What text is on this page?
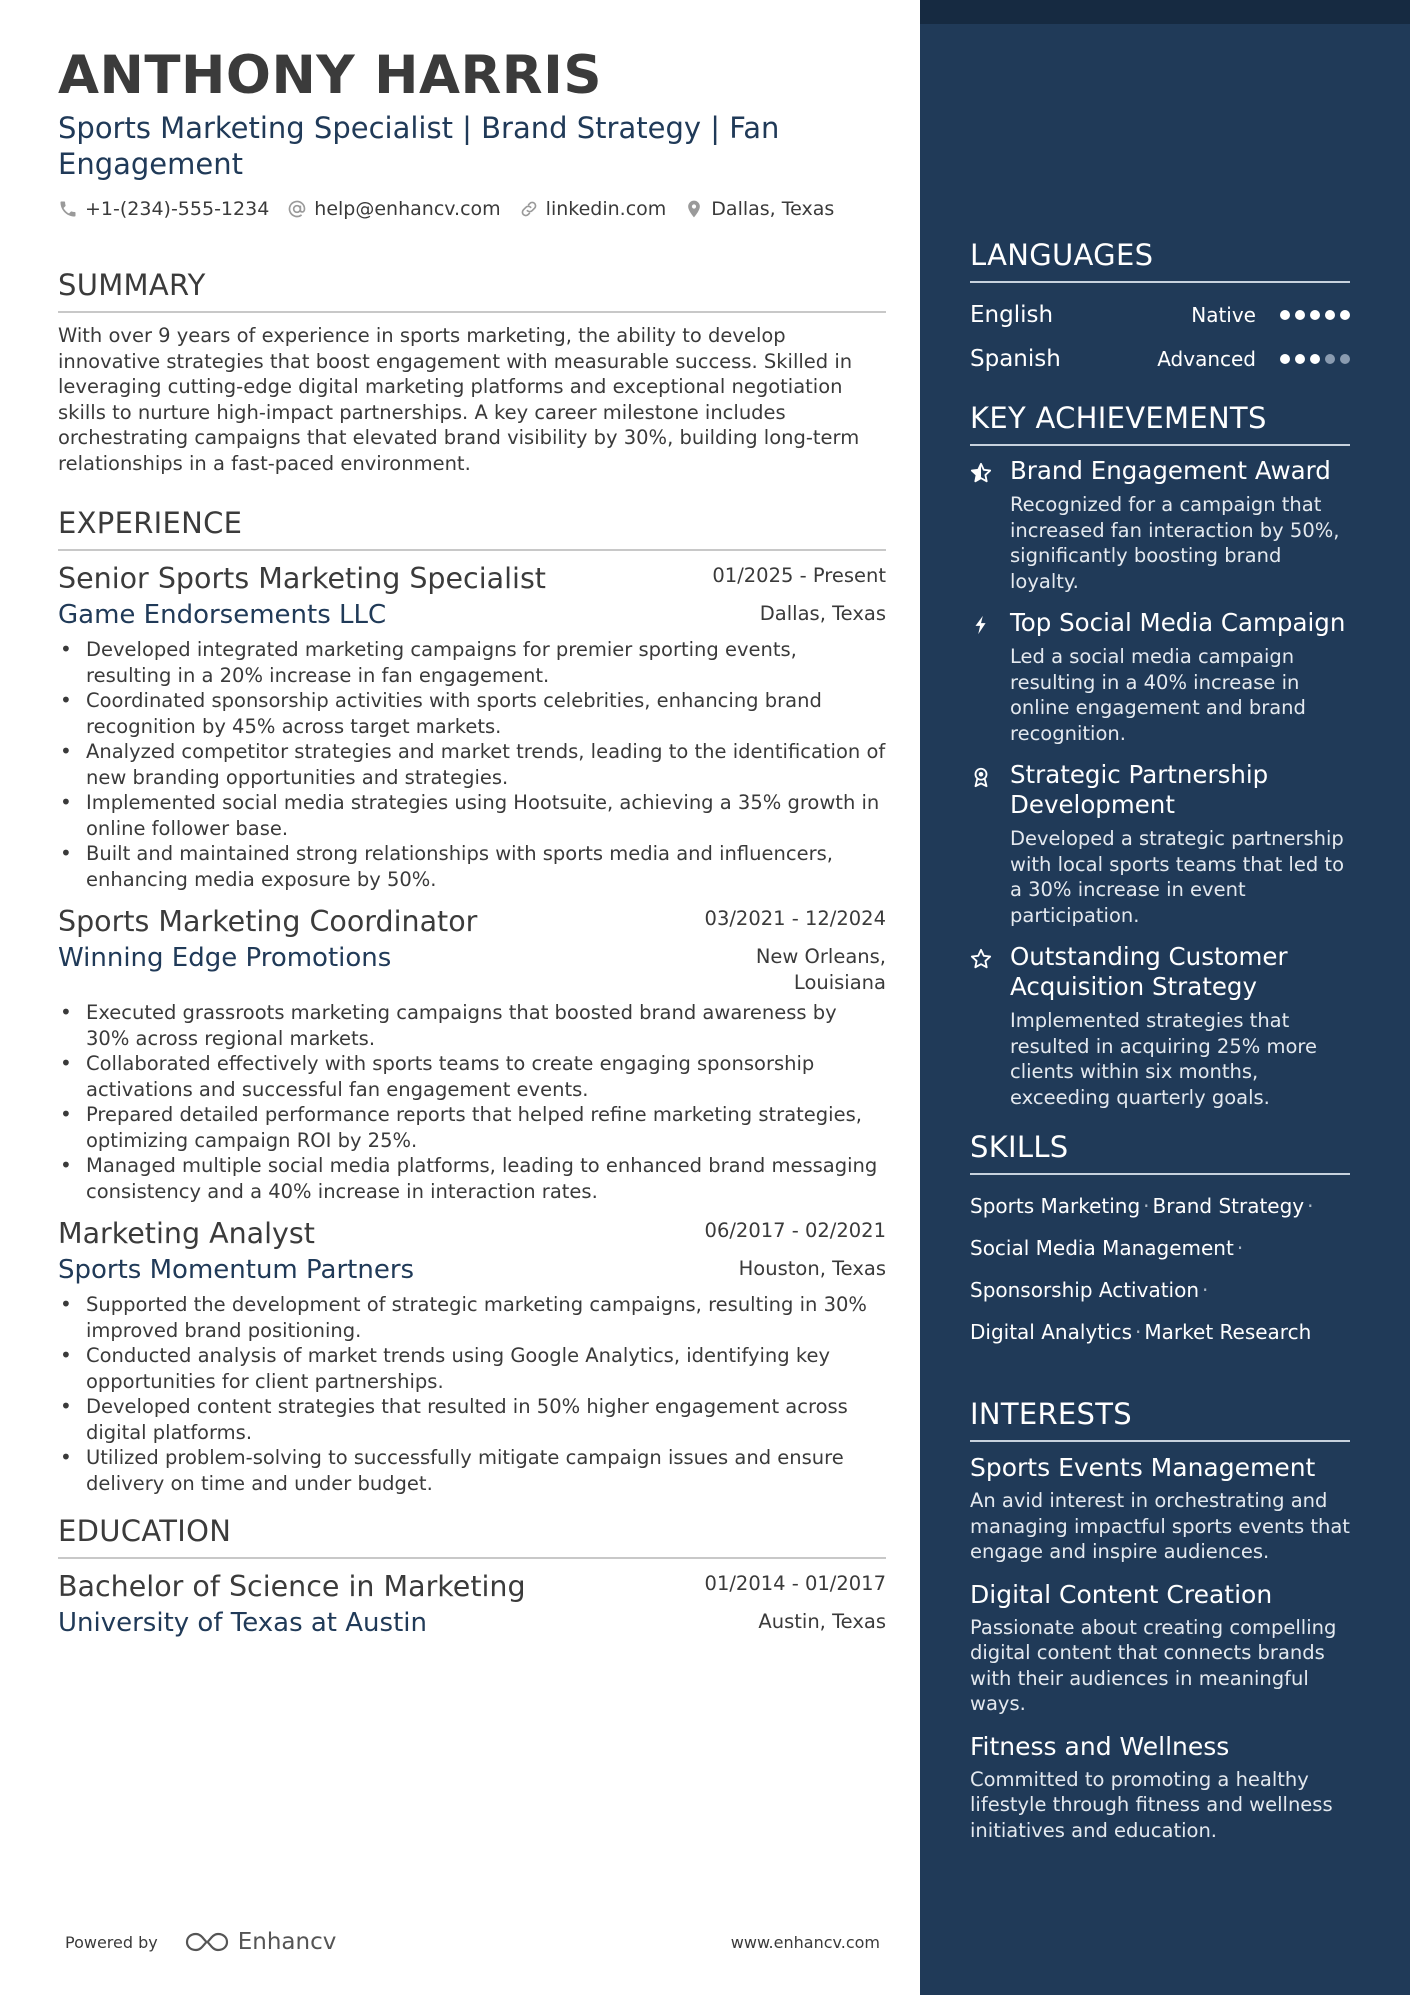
ANTHONY HARRIS
Sports Marketing Specialist | Brand Strategy | Fan Engagement
+1-(234)-555-1234 help@enhancv.com linkedin.com Dallas, Texas
SUMMARY
With over 9 years of experience in sports marketing, the ability to develop innovative strategies that boost engagement with measurable success. Skilled in leveraging cutting-edge digital marketing platforms and exceptional negotiation skills to nurture high-impact partnerships. A key career milestone includes orchestrating campaigns that elevated brand visibility by 30%, building long-term relationships in a fast-paced environment.
EXPERIENCE
Senior Sports Marketing Specialist	01/2025 - Present
Game Endorsements LLC	Dallas, Texas
• Developed integrated marketing campaigns for premier sporting events, resulting in a 20% increase in fan engagement.
• Coordinated sponsorship activities with sports celebrities, enhancing brand recognition by 45% across target markets.
• Analyzed competitor strategies and market trends, leading to the identification of new branding opportunities and strategies.
• Implemented social media strategies using Hootsuite, achieving a 35% growth in online follower base.
• Built and maintained strong relationships with sports media and influencers, enhancing media exposure by 50%.
Sports Marketing Coordinator	03/2021 - 12/2024
Winning Edge Promotions	New Orleans, Louisiana
• Executed grassroots marketing campaigns that boosted brand awareness by 30% across regional markets.
• Collaborated effectively with sports teams to create engaging sponsorship activations and successful fan engagement events.
• Prepared detailed performance reports that helped refine marketing strategies, optimizing campaign ROI by 25%.
• Managed multiple social media platforms, leading to enhanced brand messaging consistency and a 40% increase in interaction rates.
Marketing Analyst	06/2017 - 02/2021
Sports Momentum Partners	Houston, Texas
• Supported the development of strategic marketing campaigns, resulting in 30% improved brand positioning.
• Conducted analysis of market trends using Google Analytics, identifying key opportunities for client partnerships.
• Developed content strategies that resulted in 50% higher engagement across digital platforms.
• Utilized problem-solving to successfully mitigate campaign issues and ensure delivery on time and under budget.
EDUCATION
Bachelor of Science in Marketing	01/2014 - 01/2017
University of Texas at Austin	Austin, Texas
Powered by	Enhancv	www.enhancv.com
LANGUAGES
English	Native
Spanish	Advanced
KEY ACHIEVEMENTS
Brand Engagement Award
Recognized for a campaign that increased fan interaction by 50%, significantly boosting brand loyalty.
Top Social Media Campaign
Led a social media campaign resulting in a 40% increase in online engagement and brand recognition.
Strategic Partnership Development
Developed a strategic partnership with local sports teams that led to a 30% increase in event participation.
Outstanding Customer Acquisition Strategy
Implemented strategies that resulted in acquiring 25% more clients within six months, exceeding quarterly goals.
SKILLS
Sports Marketing · Brand Strategy ·
Social Media Management ·
Sponsorship Activation ·
Digital Analytics · Market Research
INTERESTS
Sports Events Management
An avid interest in orchestrating and managing impactful sports events that engage and inspire audiences.
Digital Content Creation
Passionate about creating compelling digital content that connects brands with their audiences in meaningful ways.
Fitness and Wellness
Committed to promoting a healthy lifestyle through fitness and wellness initiatives and education.
